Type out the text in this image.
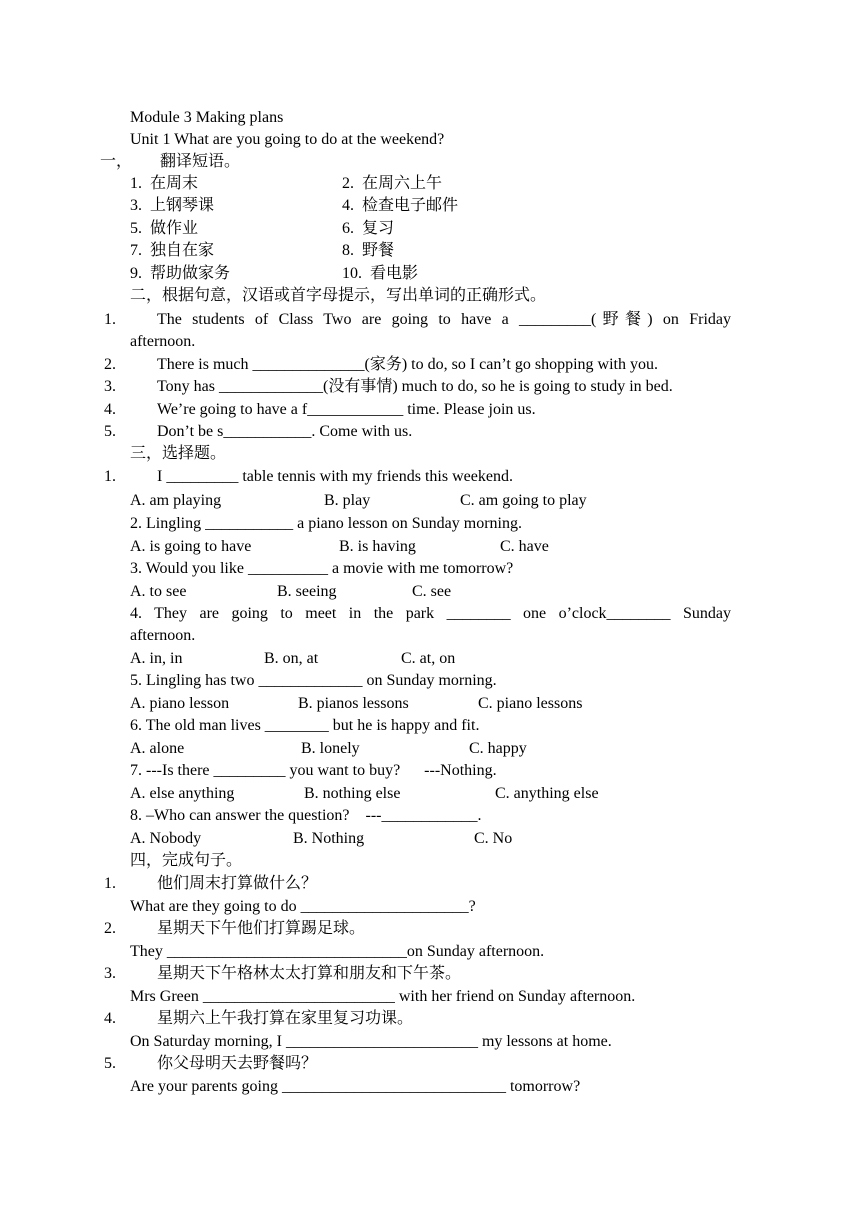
Module 3 Making plans
Unit 1 What are you going to do at the weekend?
一， 翻译短语。
1.  在周末	2.  在周六上午
3.  上钢琴课	4.  检查电子邮件
5.  做作业	6.  复习
7.  独自在家	8.  野餐
9.  帮助做家务	10.  看电影
二，根据句意，汉语或首字母提示，写出单词的正确形式。
1.	The students of Class Two are going to have a _________(野餐) on Friday
afternoon.
2.	There is much ______________(家务) to do, so I can’t go shopping with you.
3.	Tony has _____________(没有事情) much to do, so he is going to study in bed.
4.	We’re going to have a f____________ time. Please join us.
5.	Don’t be s___________. Come with us.
三，选择题。
1.	I _________ table tennis with my friends this weekend.
A. am playing	B. play	C. am going to play
2. Lingling ___________ a piano lesson on Sunday morning.
A. is going to have	B. is having	C. have
3. Would you like __________ a movie with me tomorrow?
A. to see	B. seeing	C. see
4. They are going to meet in the park ________ one o’clock________ Sunday
afternoon.
A. in, in	B. on, at	C. at, on
5. Lingling has two _____________ on Sunday morning.
A. piano lesson	B. pianos lessons	C. piano lessons
6. The old man lives ________ but he is happy and fit.
A. alone	B. lonely	C. happy
7. ---Is there _________ you want to buy?      ---Nothing.
A. else anything	B. nothing else	C. anything else
8. –Who can answer the question?    ---____________.
A. Nobody	B. Nothing	C. No
四，完成句子。
1.	他们周末打算做什么？
What are they going to do _____________________?
2.	星期天下午他们打算踢足球。
They ______________________________on Sunday afternoon.
3.	星期天下午格林太太打算和朋友和下午茶。
Mrs Green ________________________ with her friend on Sunday afternoon.
4.	星期六上午我打算在家里复习功课。
On Saturday morning, I ________________________ my lessons at home.
5.	你父母明天去野餐吗？
Are your parents going ____________________________ tomorrow?
